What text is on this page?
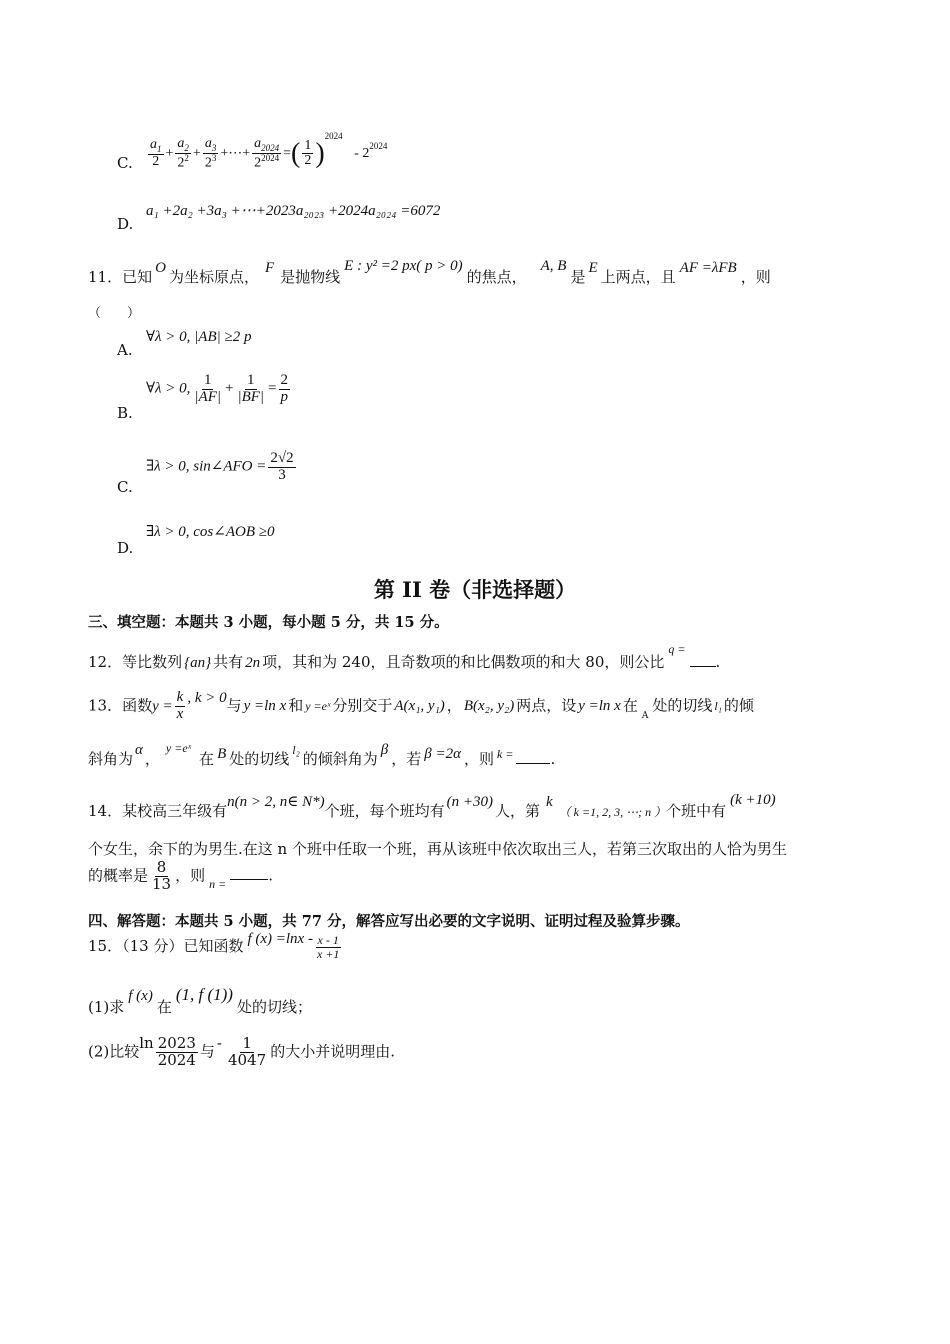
C. $\frac{a_1}{2} + \frac{a_2}{2^2} + \frac{a_3}{2^3}$ +⋯+ $\frac{a_{2024}}{2^{2024}}$ =( $\frac{1}{2} )^{2024} - 2^{2024}$
D.
a₁ +2a₂ +3a₃ +⋯+2023a₂₀₂₃ +2024a₂₀₂₄ =6072
11．已知 O 为坐标原点， F 是抛物线E : y² =2 px( p > 0)的焦点，A, B是 E 上两点，且 AF =λFB ，则
（　　）
A.
∀λ > 0, |AB| ≥2 p
B.
∀λ > 0, $\frac{1}{|AF|} + \frac{1}{|BF|} = \frac{2}{p}$
C.
∃λ > 0, sin∠AFO = $\frac{2√2}{3}$
D.
∃λ > 0, cos∠AOB ≥0
第 II 卷（非选择题）
三、填空题：本题共 3 小题，每小题 5 分，共 15 分。
12．等比数列 {an} 共有 2n 项，其和为 240，且奇数项的和比偶数项的和大 80，则公比$^{q =}$.
13．函数$y = \frac{k}{x}$ , k > 0与 y =ln x 和 y =eˣ 分别交于 A(x₁, y₁) ， B(x₂, y₂) 两点，设 y =ln x 在$_A$处的切线 l₁ 的倾
斜角为 α ，$^{y =eˣ}$在 B 处的切线 $^{l_2}$ 的倾斜角为 β ，若 β =2α ，则 $^{k =}$ .
14．某校高三年级有n(n > 2, n∈ N*)个班，每个班均有 (n +30) 人，第 k（ k =1, 2, 3, ⋯; n ）个班中有(k +10)
个女生，余下的为男生.在这 n 个班中任取一个班，再从该班中依次取出三人，若第三次取出的人恰为男生
的概率是 $\frac{8}{13}$ ，则 $_{n =}$	.
四、解答题：本题共 5 小题，共 77 分，解答应写出必要的文字说明、证明过程及验算步骤。
15．（13 分）已知函数 f $(x) =\ln x - \frac{x - 1}{x +1}$
(1)求f (x)在(1, f (1))处的切线；
(2)比较$\ln \frac{2023}{2024}$ 与 - $\frac{1}{4047}$ 的大小并说明理由.
